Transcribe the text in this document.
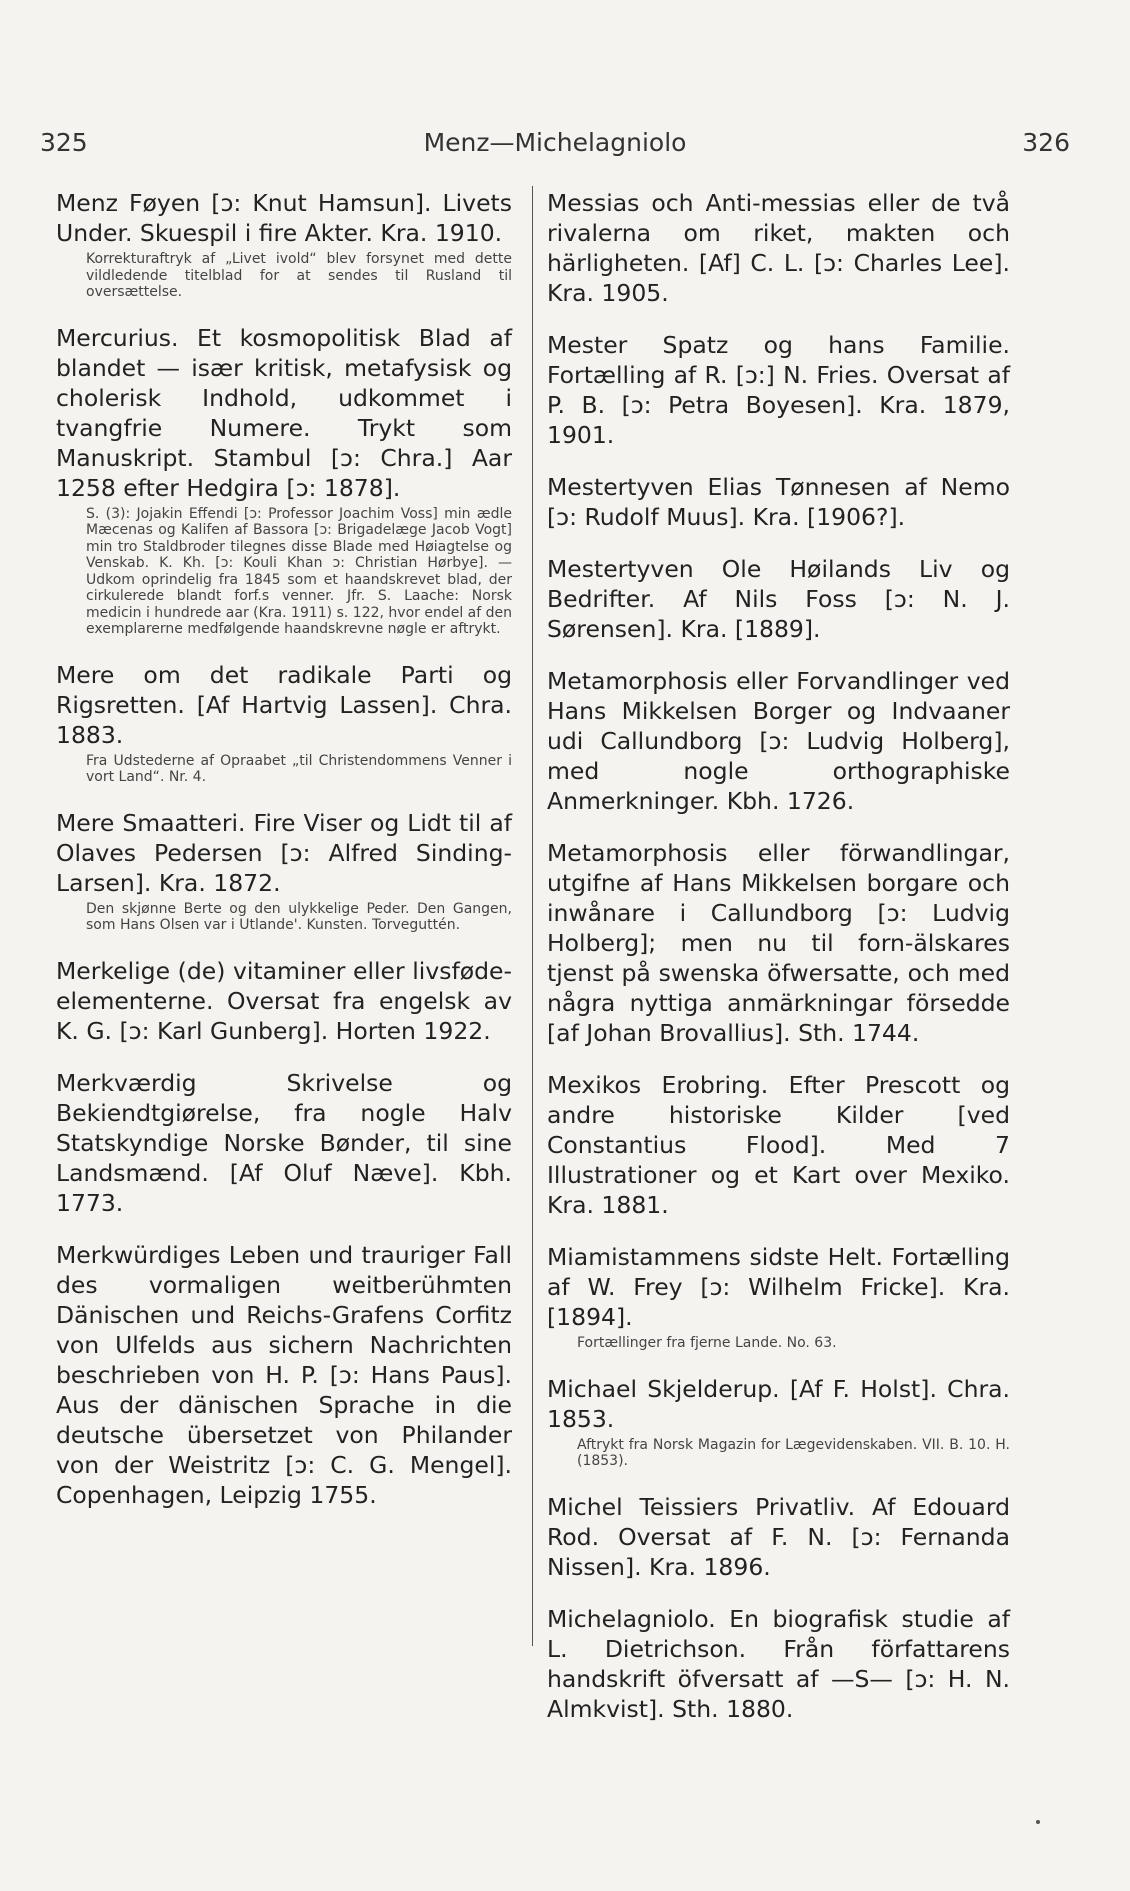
325	Menz—Michelagniolo	326
Menz Føyen [ɔ: Knut Hamsun]. Livets Under. Skuespil i fire Akter. Kra. 1910.
Korrekturaftryk af „Livet ivold“ blev forsynet med dette vildledende titelblad for at sendes til Rusland til oversættelse.
Mercurius. Et kosmopolitisk Blad af blandet — især kritisk, metafysisk og cholerisk Indhold, udkommet i tvangfrie Numere. Trykt som Manuskript. Stambul [ɔ: Chra.] Aar 1258 efter Hedgira [ɔ: 1878].
S. (3): Jojakin Effendi [ɔ: Professor Joachim Voss] min ædle Mæcenas og Kalifen af Bassora [ɔ: Brigadelæge Jacob Vogt] min tro Staldbroder tilegnes disse Blade med Høiagtelse og Venskab. K. Kh. [ɔ: Kouli Khan ɔ: Christian Hørbye]. — Udkom oprindelig fra 1845 som et haandskrevet blad, der cirkulerede blandt forf.s venner. Jfr. S. Laache: Norsk medicin i hundrede aar (Kra. 1911) s. 122, hvor endel af den exemplarerne medfølgende haandskrevne nøgle er aftrykt.
Mere om det radikale Parti og Rigsretten. [Af Hartvig Lassen]. Chra. 1883.
Fra Udstederne af Opraabet „til Christendommens Venner i vort Land“. Nr. 4.
Mere Smaatteri. Fire Viser og Lidt til af Olaves Pedersen [ɔ: Alfred Sinding-Larsen]. Kra. 1872.
Den skjønne Berte og den ulykkelige Peder. Den Gangen, som Hans Olsen var i Utlande'. Kunsten. Torveguttén.
Merkelige (de) vitaminer eller livsføde-elementerne. Oversat fra engelsk av K. G. [ɔ: Karl Gunberg]. Horten 1922.
Merkværdig Skrivelse og Bekiendtgiørelse, fra nogle Halv Statskyndige Norske Bønder, til sine Landsmænd. [Af Oluf Næve]. Kbh. 1773.
Merkwürdiges Leben und trauriger Fall des vormaligen weitberühmten Dänischen und Reichs-Grafens Corfitz von Ulfelds aus sichern Nachrichten beschrieben von H. P. [ɔ: Hans Paus]. Aus der dänischen Sprache in die deutsche übersetzet von Philander von der Weistritz [ɔ: C. G. Mengel]. Copenhagen, Leipzig 1755.
Messias och Anti-messias eller de två rivalerna om riket, makten och härligheten. [Af] C. L. [ɔ: Charles Lee]. Kra. 1905.
Mester Spatz og hans Familie. Fortælling af R. [ɔ:] N. Fries. Oversat af P. B. [ɔ: Petra Boyesen]. Kra. 1879, 1901.
Mestertyven Elias Tønnesen af Nemo [ɔ: Rudolf Muus]. Kra. [1906?].
Mestertyven Ole Høilands Liv og Bedrifter. Af Nils Foss [ɔ: N. J. Sørensen]. Kra. [1889].
Metamorphosis eller Forvandlinger ved Hans Mikkelsen Borger og Indvaaner udi Callundborg [ɔ: Ludvig Holberg], med nogle orthographiske Anmerkninger. Kbh. 1726.
Metamorphosis eller förwandlingar, utgifne af Hans Mikkelsen borgare och inwånare i Callundborg [ɔ: Ludvig Holberg]; men nu til forn-älskares tjenst på swenska öfwersatte, och med några nyttiga anmärkningar försedde [af Johan Brovallius]. Sth. 1744.
Mexikos Erobring. Efter Prescott og andre historiske Kilder [ved Constantius Flood]. Med 7 Illustrationer og et Kart over Mexiko. Kra. 1881.
Miamistammens sidste Helt. Fortælling af W. Frey [ɔ: Wilhelm Fricke]. Kra. [1894].
Fortællinger fra fjerne Lande. No. 63.
Michael Skjelderup. [Af F. Holst]. Chra. 1853.
Aftrykt fra Norsk Magazin for Lægevidenskaben. VII. B. 10. H. (1853).
Michel Teissiers Privatliv. Af Edouard Rod. Oversat af F. N. [ɔ: Fernanda Nissen]. Kra. 1896.
Michelagniolo. En biografisk studie af L. Dietrichson. Från författarens handskrift öfversatt af —S— [ɔ: H. N. Almkvist]. Sth. 1880.
